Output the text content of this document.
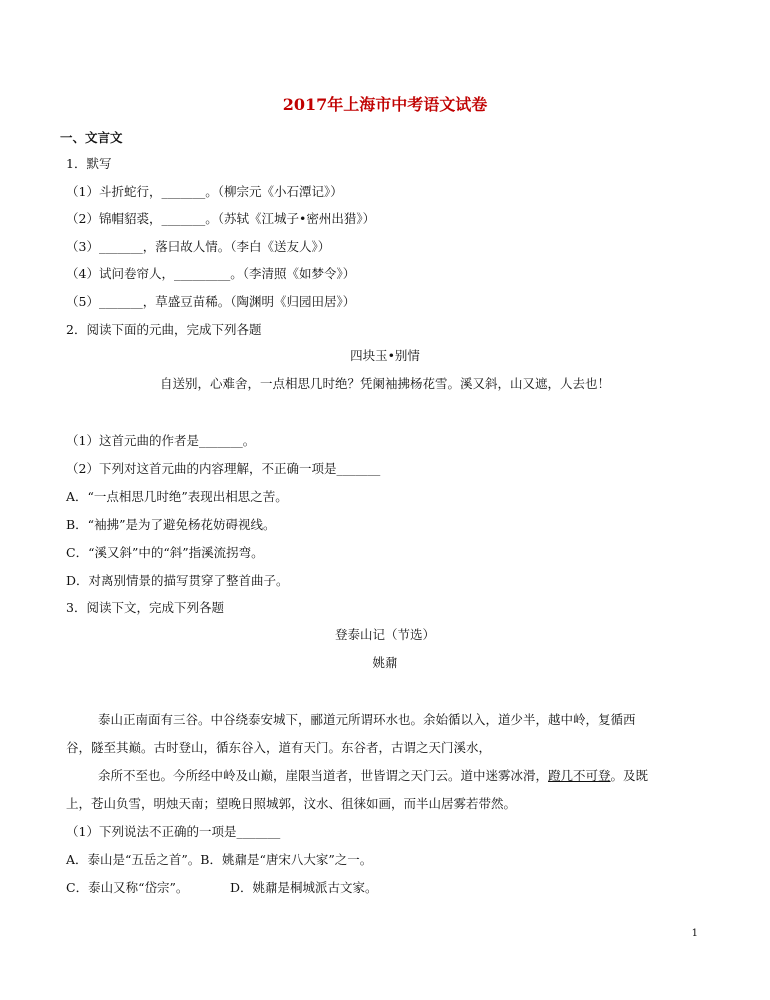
2017年上海市中考语文试卷
一、文言文
1．默写
（1）斗折蛇行，_______。（柳宗元《小石潭记》）
（2）锦帽貂裘，_______。（苏轼《江城子•密州出猎》）
（3）_______，落曰故人情。（李白《送友人》）
（4）试问卷帘人，_________。（李清照《如梦令》）
（5）_______，草盛豆苗稀。（陶渊明《归园田居》）
2．阅读下面的元曲，完成下列各题
四块玉•别情
自送别，心难舍，一点相思几时绝？凭阑袖拂杨花雪。溪又斜，山又遮，人去也！
（1）这首元曲的作者是_______。
（2）下列对这首元曲的内容理解，不正确一项是_______
A．“一点相思几时绝”表现出相思之苦。
B．“袖拂”是为了避免杨花妨碍视线。
C．“溪又斜”中的“斜”指溪流拐弯。
D．对离别情景的描写贯穿了整首曲子。
3．阅读下文，完成下列各题
登泰山记（节选）
姚鼐
泰山正南面有三谷。中谷绕泰安城下，郦道元所谓环水也。余始循以入，道少半，越中岭，复循西
谷，隧至其巅。古时登山，循东谷入，道有天门。东谷者，古谓之天门溪水，
余所不至也。今所经中岭及山巅，崖限当道者，世皆谓之天门云。道中迷雾冰滑，蹬几不可登。及既
上，苍山负雪，明烛天南；望晚日照城郭，汶水、徂徕如画，而半山居雾若带然。
（1）下列说法不正确的一项是_______
A．泰山是“五岳之首”。B．姚鼐是“唐宋八大家”之一。
C．泰山又称“岱宗”。	D．姚鼐是桐城派古文家。
1
